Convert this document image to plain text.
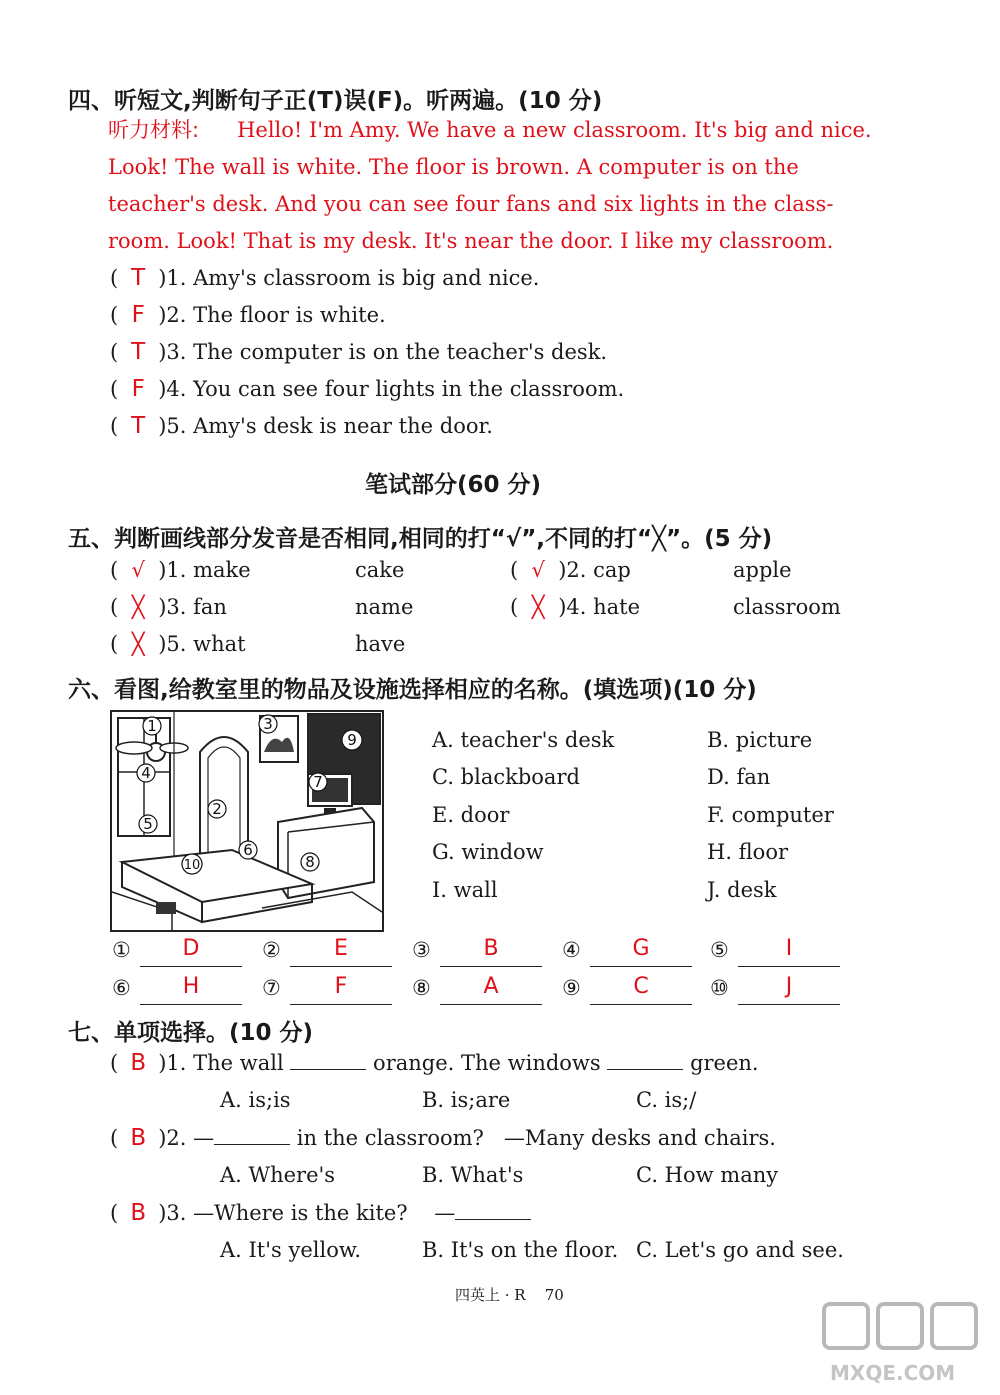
四、听短文,判断句子正(T)误(F)。听两遍。(10 分)
听力材料: Hello! I'm Amy. We have a new classroom. It's big and nice. Look! The wall is white. The floor is brown. A computer is on the teacher's desk. And you can see four fans and six lights in the class-room. Look! That is my desk. It's near the door. I like my classroom.
( T )1. Amy's classroom is big and nice.
( F )2. The floor is white.
( T )3. The computer is on the teacher's desk.
( F )4. You can see four lights in the classroom.
( T )5. Amy's desk is near the door.
笔试部分(60 分)
五、判断画线部分发音是否相同,相同的打“√”,不同的打“╳”。(5 分)
( √ )1. make	cake	( √ )2. cap	apple
( ╳ )3. fan	name	( ╳ )4. hate	classroom
( ╳ )5. what	have
六、看图,给教室里的物品及设施选择相应的名称。(填选项)(10 分)
1
2
3
4
5
6
7
8
9
10
A. teacher's desk	B. picture
C. blackboard	D. fan
E. door	F. computer
G. window	H. floor
I. wall	J. desk
①	D	②	E	③	B	④	G	⑤	I
⑥	H	⑦	F	⑧	A	⑨	C	⑩	J
七、单项选择。(10 分)
( B )1. The wall	orange. The windows	green.
A. is;is	B. is;are	C. is;/
( B )2. —	in the classroom? —Many desks and chairs.
A. Where's	B. What's	C. How many
( B )3. —Where is the kite? —
A. It's yellow.	B. It's on the floor. C. Let's go and see.
四英上 · R 70
MXQE.COM
